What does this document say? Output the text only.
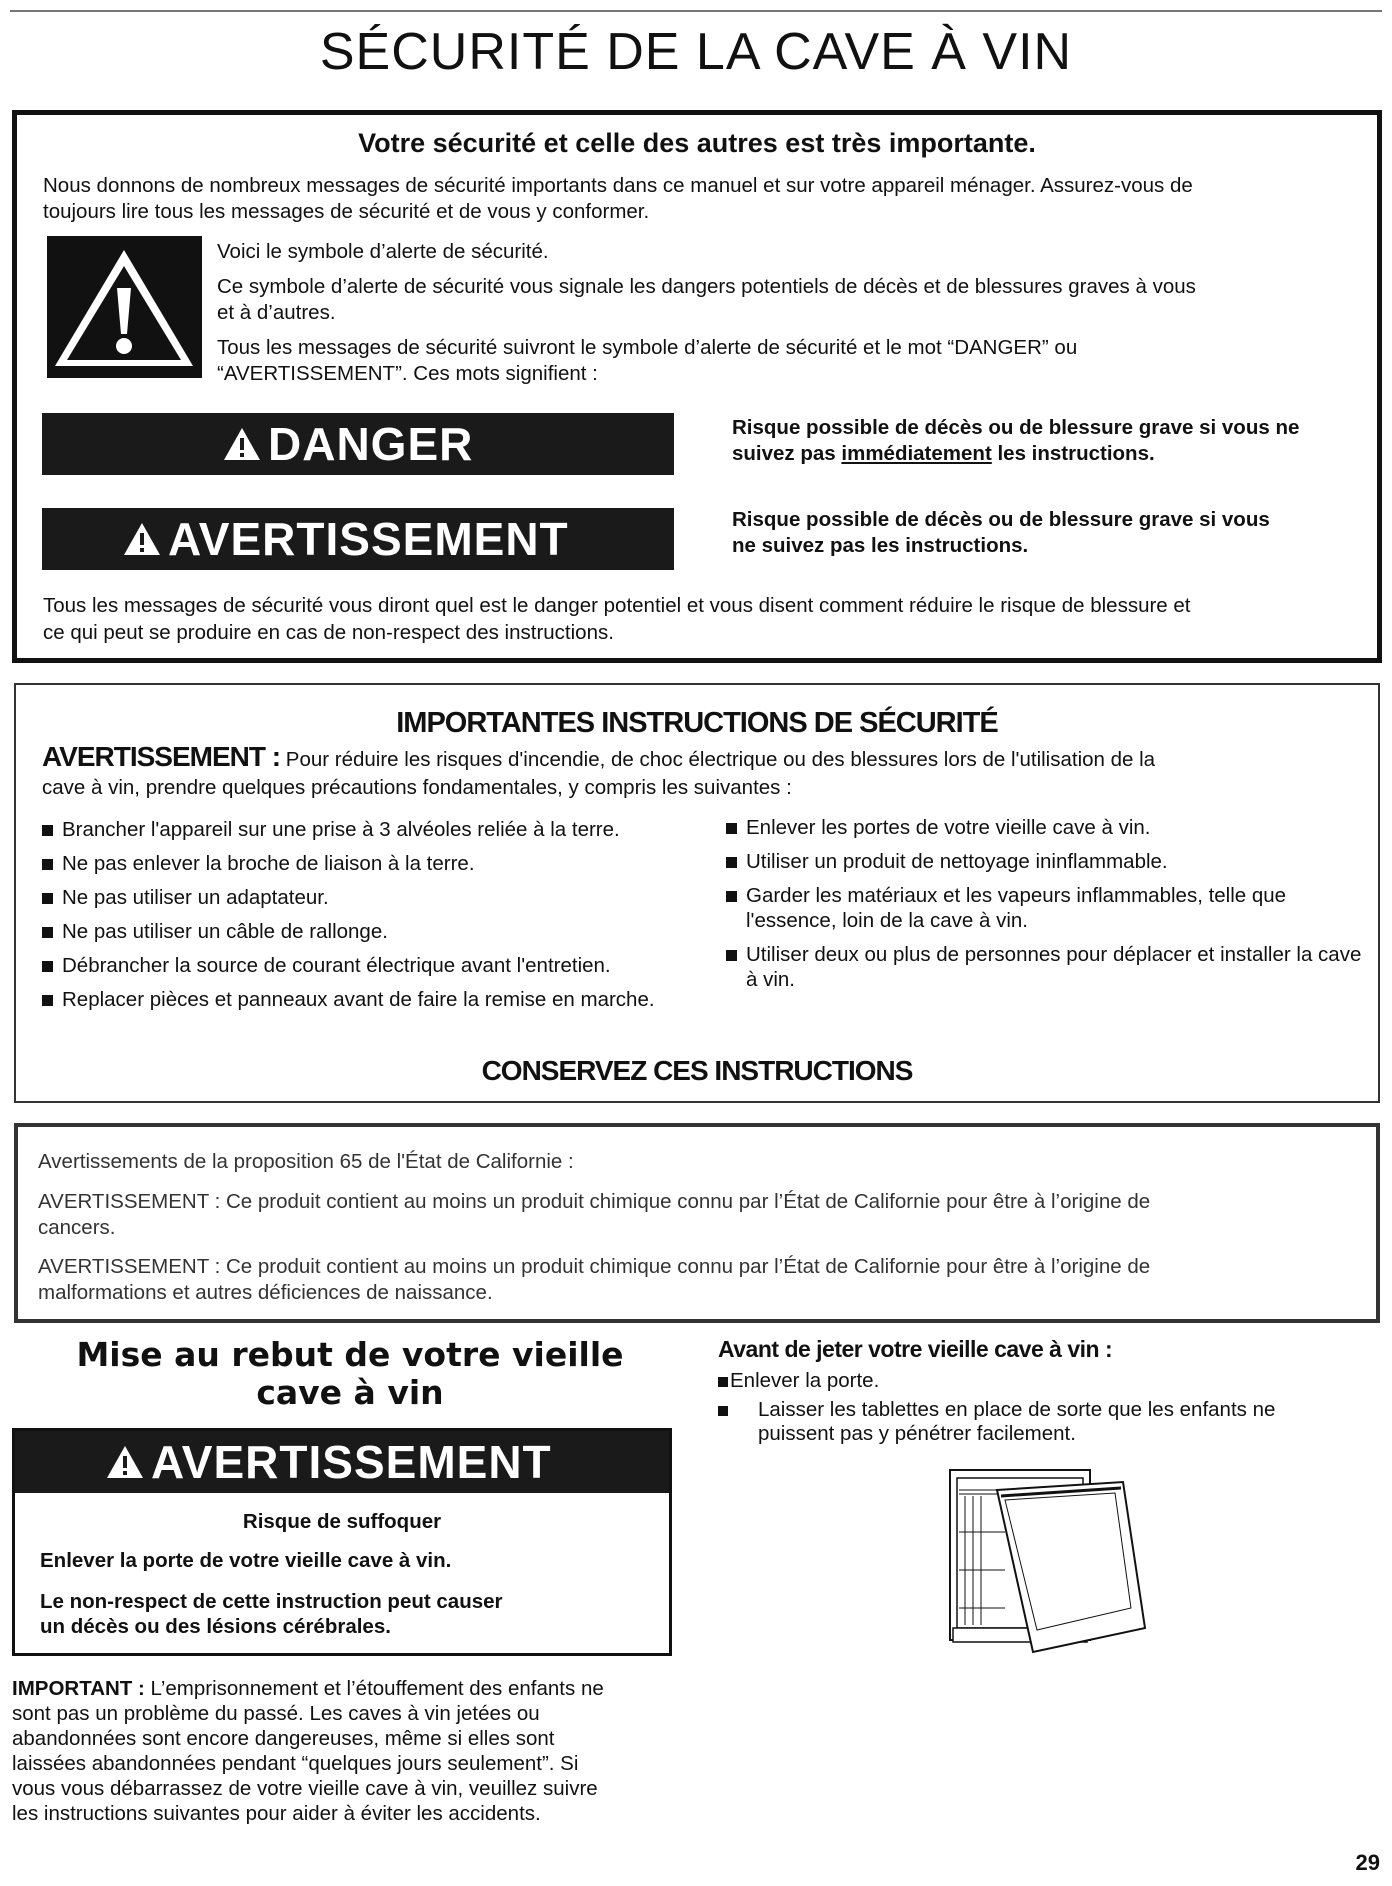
SÉCURITÉ DE LA CAVE À VIN
Votre sécurité et celle des autres est très importante.

Nous donnons de nombreux messages de sécurité importants dans ce manuel et sur votre appareil ménager. Assurez-vous de

toujours lire tous les messages de sécurité et de vous y conformer.

Voici le symbole d’alerte de sécurité.

Ce symbole d’alerte de sécurité vous signale les dangers potentiels de décès et de blessures graves à vous

et à d’autres.

Tous les messages de sécurité suivront le symbole d’alerte de sécurité et le mot “DANGER” ou

“AVERTISSEMENT”. Ces mots signifient :

DANGER	Risque possible de décès ou de blessure grave si vous ne
suivez pas immédiatement les instructions.
AVERTISSEMENT	Risque possible de décès ou de blessure grave si vous
ne suivez pas les instructions.

Tous les messages de sécurité vous diront quel est le danger potentiel et vous disent comment réduire le risque de blessure et

ce qui peut se produire en cas de non-respect des instructions.

IMPORTANTES INSTRUCTIONS DE SÉCURITÉ

AVERTISSEMENT : Pour réduire les risques d'incendie, de choc électrique ou des blessures lors de l'utilisation de la

cave à vin, prendre quelques précautions fondamentales, y compris les suivantes :

Brancher l'appareil sur une prise à 3 alvéoles reliée à la terre.
Ne pas enlever la broche de liaison à la terre.
Ne pas utiliser un adaptateur.
Ne pas utiliser un câble de rallonge.
Débrancher la source de courant électrique avant l'entretien.
Replacer pièces et panneaux avant de faire la remise en marche.
Enlever les portes de votre vieille cave à vin.
Utiliser un produit de nettoyage ininflammable.
Garder les matériaux et les vapeurs inflammables, telle que l'essence, loin de la cave à vin.
Utiliser deux ou plus de personnes pour déplacer et installer la cave à vin.
CONSERVEZ CES INSTRUCTIONS

Avertissements de la proposition 65 de l'État de Californie :

AVERTISSEMENT : Ce produit contient au moins un produit chimique connu par l’État de Californie pour être à l’origine de

cancers.

AVERTISSEMENT : Ce produit contient au moins un produit chimique connu par l’État de Californie pour être à l’origine de

malformations et autres déficiences de naissance.

Mise au rebut de votre vieille
cave à vin
AVERTISSEMENT
Risque de suffoquer
Enlever la porte de votre vieille cave à vin.
Le non-respect de cette instruction peut causer
un décès ou des lésions cérébrales.
IMPORTANT : L’emprisonnement et l’étouffement des enfants ne
sont pas un problème du passé. Les caves à vin jetées ou
abandonnées sont encore dangereuses, même si elles sont
laissées abandonnées pendant “quelques jours seulement”. Si
vous vous débarrassez de votre vieille cave à vin, veuillez suivre
les instructions suivantes pour aider à éviter les accidents.
Avant de jeter votre vieille cave à vin :
Enlever la porte.
Laisser les tablettes en place de sorte que les enfants ne
puissent pas y pénétrer facilement.
29
